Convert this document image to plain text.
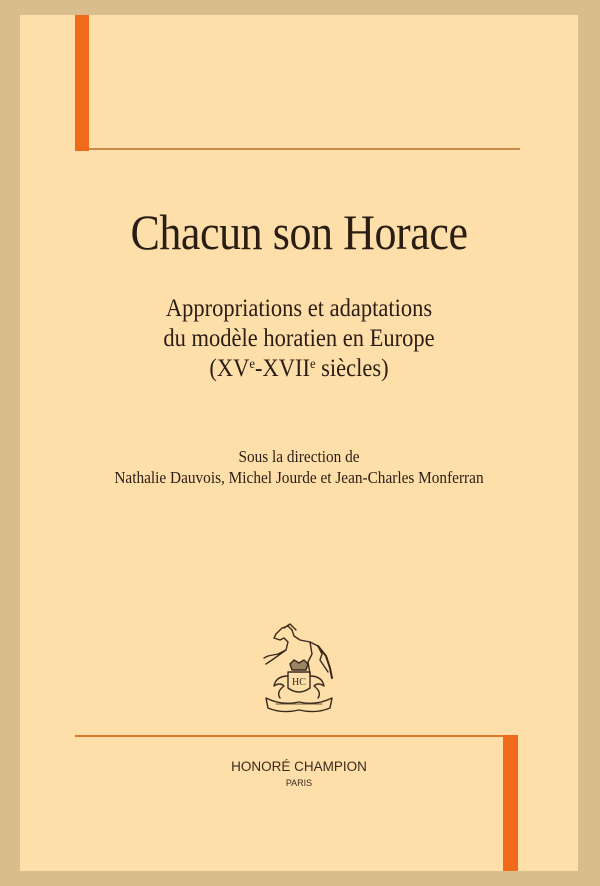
Chacun son Horace
Appropriations et adaptations
du modèle horatien en Europe
(XVe-XVIIe siècles)
Sous la direction de
Nathalie Dauvois, Michel Jourde et Jean-Charles Monferran
HC
HONORÉ CHAMPION
PARIS
